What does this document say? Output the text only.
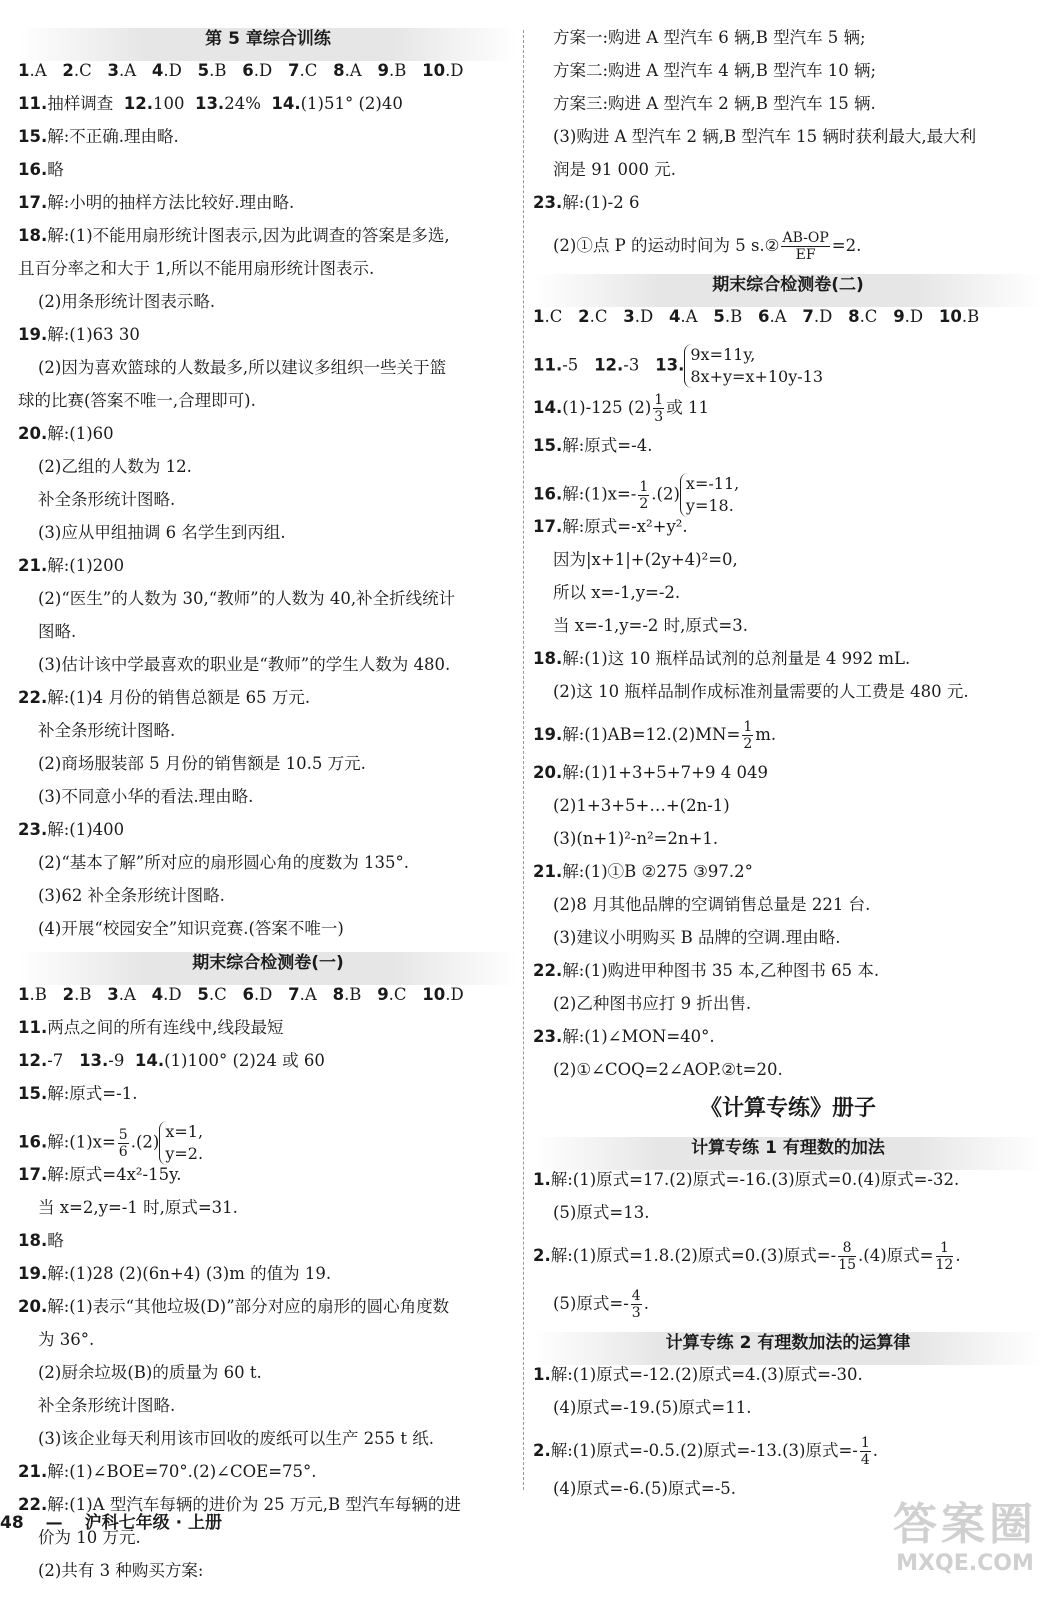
第 5 章综合训练
1.A 2.C 3.A 4.D 5.B 6.D 7.C 8.A 9.B 10.D
11.抽样调查 12.100 13.24% 14.(1)51° (2)40
15.解:不正确.理由略.
16.略
17.解:小明的抽样方法比较好.理由略.
18.解:(1)不能用扇形统计图表示,因为此调查的答案是多选,
且百分率之和大于 1,所以不能用扇形统计图表示.
(2)用条形统计图表示略.
19.解:(1)63 30
(2)因为喜欢篮球的人数最多,所以建议多组织一些关于篮
球的比赛(答案不唯一,合理即可).
20.解:(1)60
(2)乙组的人数为 12.
补全条形统计图略.
(3)应从甲组抽调 6 名学生到丙组.
21.解:(1)200
(2)“医生”的人数为 30,“教师”的人数为 40,补全折线统计
图略.
(3)估计该中学最喜欢的职业是“教师”的学生人数为 480.
22.解:(1)4 月份的销售总额是 65 万元.
补全条形统计图略.
(2)商场服装部 5 月份的销售额是 10.5 万元.
(3)不同意小华的看法.理由略.
23.解:(1)400
(2)“基本了解”所对应的扇形圆心角的度数为 135°.
(3)62 补全条形统计图略.
(4)开展“校园安全”知识竞赛.(答案不唯一)
期末综合检测卷(一)
1.B 2.B 3.A 4.D 5.C 6.D 7.A 8.B 9.C 10.D
11.两点之间的所有连线中,线段最短
12.-7 13.-9 14.(1)100° (2)24 或 60
15.解:原式=-1.
16.解:(1)x= $\frac{5}{6} .(2)x=1$,
y=2.
17.解:原式=4x²-15y.
当 x=2,y=-1 时,原式=31.
18.略
19.解:(1)28 (2)(6n+4) (3)m 的值为 19.
20.解:(1)表示“其他垃圾(D)”部分对应的扇形的圆心角度数
为 36°.
(2)厨余垃圾(B)的质量为 60 t.
补全条形统计图略.
(3)该企业每天利用该市回收的废纸可以生产 255 t 纸.
21.解:(1)∠BOE=70°.(2)∠COE=75°.
22.解:(1)A 型汽车每辆的进价为 25 万元,B 型汽车每辆的进
价为 10 万元.
(2)共有 3 种购买方案:
方案一:购进 A 型汽车 6 辆,B 型汽车 5 辆;
方案二:购进 A 型汽车 4 辆,B 型汽车 10 辆;
方案三:购进 A 型汽车 2 辆,B 型汽车 15 辆.
(3)购进 A 型汽车 2 辆,B 型汽车 15 辆时获利最大,最大利
润是 91 000 元.
23.解:(1)-2 6
(2)①点 P 的运动时间为 5 s.② $\frac{AB-OP}{EF} =2$.
期末综合检测卷(二)
1.C 2.C 3.D 4.A 5.B 6.A 7.D 8.C 9.D 10.B
11.-5 12.-3 13.9x=11y,
8x+y=x+10y-13
14.(1)-125 $(2) \frac{1}{3}$ 或 11
15.解:原式=-4.
16.解:(1)x=- $\frac{1}{2} .(2)x=-11$,
y=18.
17.解:原式=-x²+y².
因为|x+1|+(2y+4)²=0,
所以 x=-1,y=-2.
当 x=-1,y=-2 时,原式=3.
18.解:(1)这 10 瓶样品试剂的总剂量是 4 992 mL.
(2)这 10 瓶样品制作成标准剂量需要的人工费是 480 元.
19.解:(1)AB=12.(2)MN= $\frac{1}{2} m$.
20.解:(1)1+3+5+7+9 4 049
(2)1+3+5+…+(2n-1)
(3)(n+1)²-n²=2n+1.
21.解:(1)①B ②275 ③97.2°
(2)8 月其他品牌的空调销售总量是 221 台.
(3)建议小明购买 B 品牌的空调.理由略.
22.解:(1)购进甲种图书 35 本,乙种图书 65 本.
(2)乙种图书应打 9 折出售.
23.解:(1)∠MON=40°.
(2)①∠COQ=2∠AOP.②t=20.
《计算专练》册子
计算专练 1 有理数的加法
1.解:(1)原式=17.(2)原式=-16.(3)原式=0.(4)原式=-32.
(5)原式=13.
2.解:(1)原式=1.8.(2)原式=0.(3)原式=- $\frac{8}{15} .(4)$原式= $\frac{1}{12}$ .
(5)原式=- $\frac{4}{3}$ .
计算专练 2 有理数加法的运算律
1.解:(1)原式=-12.(2)原式=4.(3)原式=-30.
(4)原式=-19.(5)原式=11.
2.解:(1)原式=-0.5.(2)原式=-13.(3)原式=- $\frac{1}{4}$ .
(4)原式=-6.(5)原式=-5.
48 — 沪科七年级 · 上册	答案圈
MXQE.COM
